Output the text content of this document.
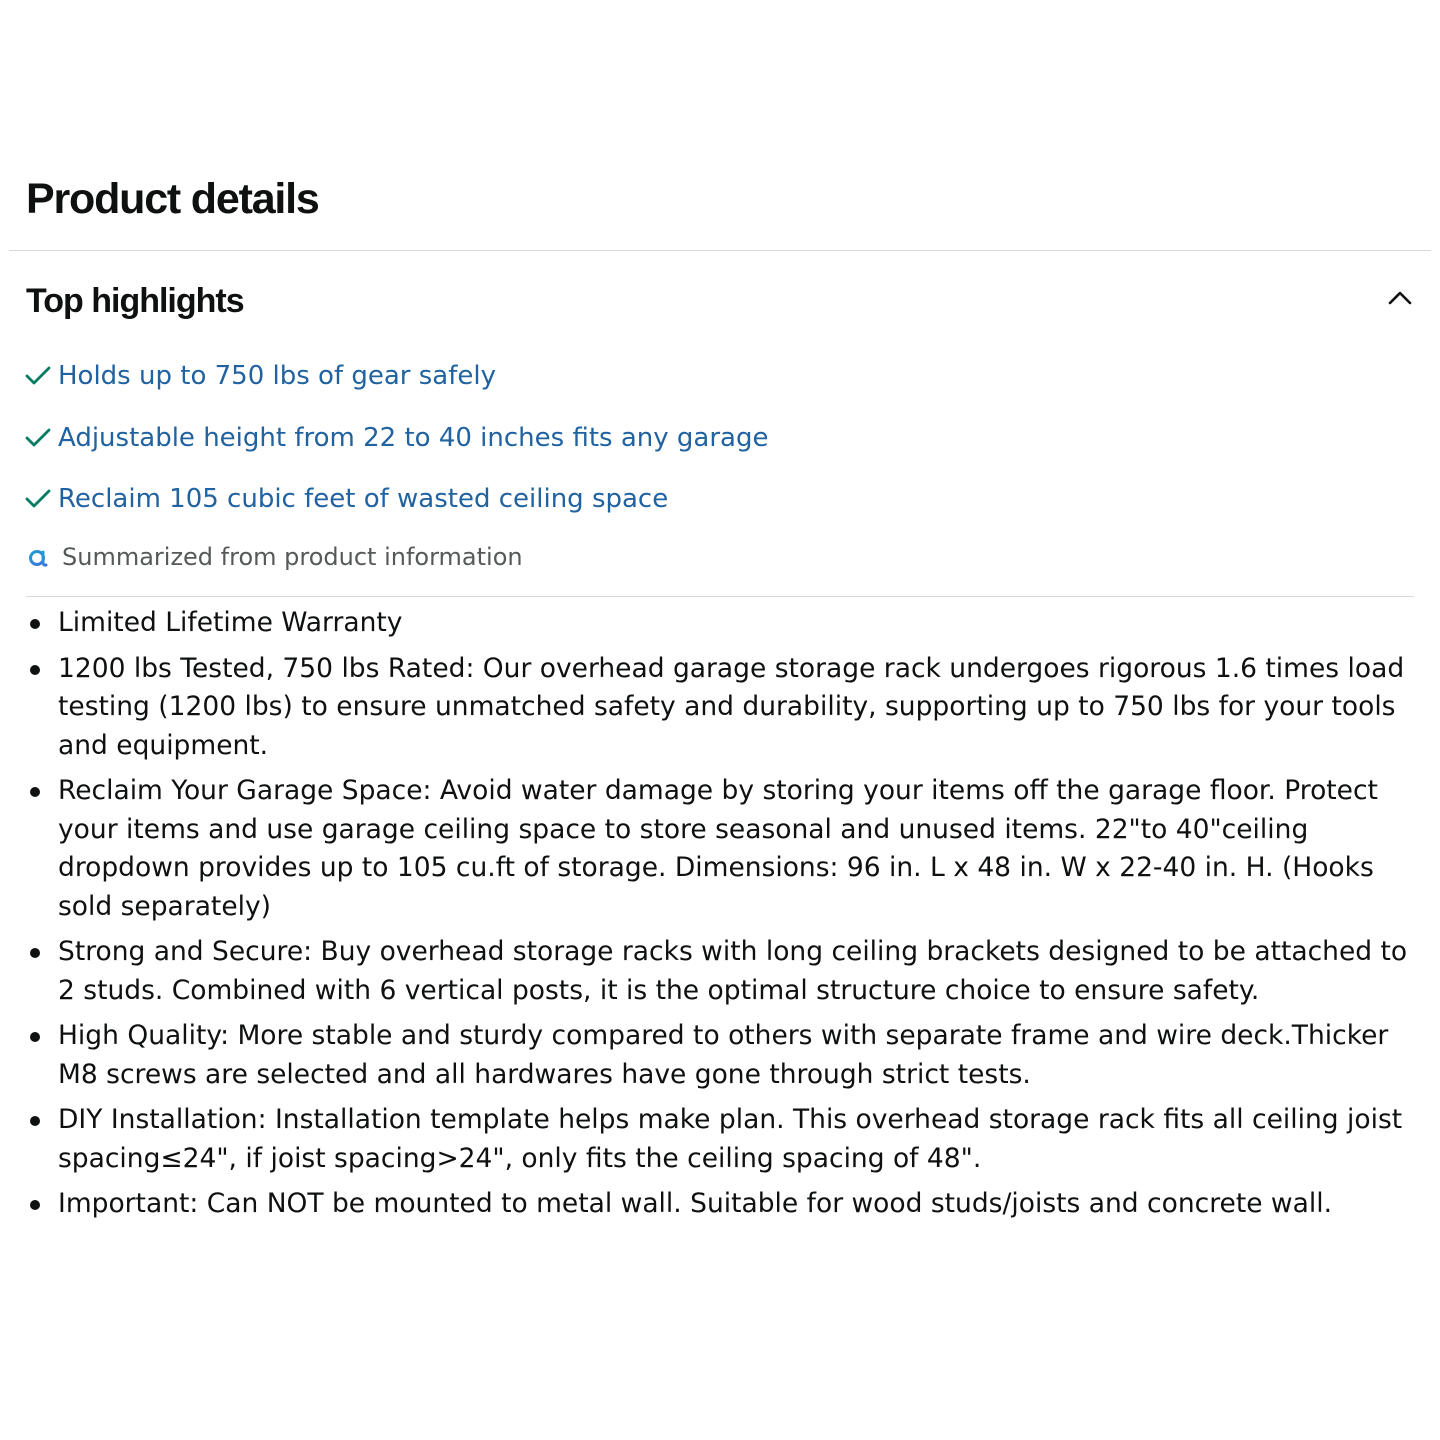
Product details
Top highlights
Holds up to 750 lbs of gear safely
Adjustable height from 22 to 40 inches fits any garage
Reclaim 105 cubic feet of wasted ceiling space
Summarized from product information
Limited Lifetime Warranty
1200 lbs Tested, 750 lbs Rated: Our overhead garage storage rack undergoes rigorous 1.6 times load testing (1200 lbs) to ensure unmatched safety and durability, supporting up to 750 lbs for your tools and equipment.
Reclaim Your Garage Space: Avoid water damage by storing your items off the garage floor. Protect your items and use garage ceiling space to store seasonal and unused items. 22"to 40"ceiling dropdown provides up to 105 cu.ft of storage. Dimensions: 96 in. L x 48 in. W x 22-40 in. H. (Hooks sold separately)
Strong and Secure: Buy overhead storage racks with long ceiling brackets designed to be attached to 2 studs. Combined with 6 vertical posts, it is the optimal structure choice to ensure safety.
High Quality: More stable and sturdy compared to others with separate frame and wire deck.Thicker M8 screws are selected and all hardwares have gone through strict tests.
DIY Installation: Installation template helps make plan. This overhead storage rack fits all ceiling joist spacing≤24", if joist spacing>24", only fits the ceiling spacing of 48".
Important: Can NOT be mounted to metal wall. Suitable for wood studs/joists and concrete wall.
